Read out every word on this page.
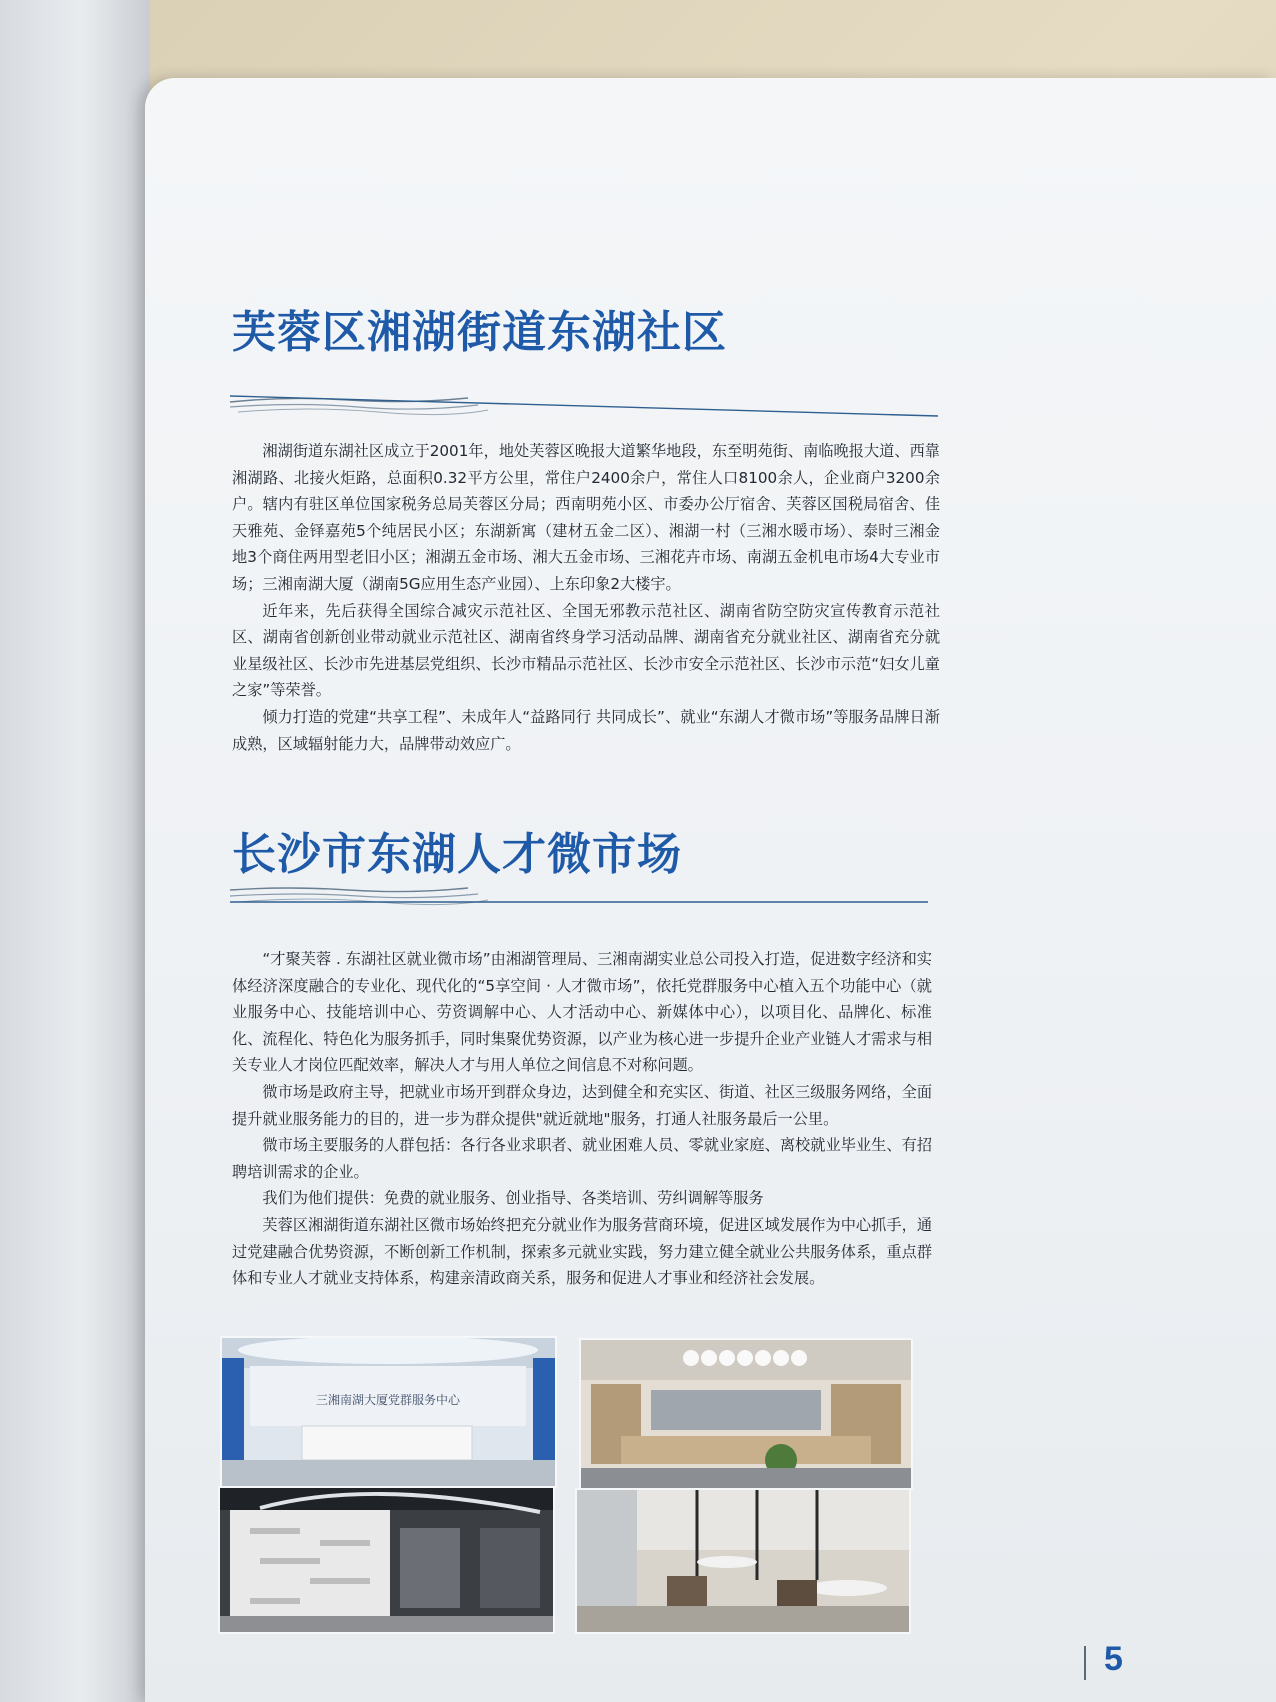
芙蓉区湘湖街道东湖社区

湘湖街道东湖社区成立于2001年，地处芙蓉区晚报大道繁华地段，东至明苑街、南临晚报大道、西靠湘湖路、北接火炬路，总面积0.32平方公里，常住户2400余户，常住人口8100余人，企业商户3200余户。辖内有驻区单位国家税务总局芙蓉区分局；西南明苑小区、市委办公厅宿舍、芙蓉区国税局宿舍、佳天雅苑、金铎嘉苑5个纯居民小区；东湖新寓（建材五金二区）、湘湖一村（三湘水暖市场）、泰时三湘金地3个商住两用型老旧小区；湘湖五金市场、湘大五金市场、三湘花卉市场、南湖五金机电市场4大专业市场；三湘南湖大厦（湖南5G应用生态产业园）、上东印象2大楼宇。

近年来，先后获得全国综合减灾示范社区、全国无邪教示范社区、湖南省防空防灾宣传教育示范社区、湖南省创新创业带动就业示范社区、湖南省终身学习活动品牌、湖南省充分就业社区、湖南省充分就业星级社区、长沙市先进基层党组织、长沙市精品示范社区、长沙市安全示范社区、长沙市示范“妇女儿童之家”等荣誉。

倾力打造的党建“共享工程”、未成年人“益路同行 共同成长”、就业“东湖人才微市场”等服务品牌日渐成熟，区域辐射能力大，品牌带动效应广。

长沙市东湖人才微市场

“才聚芙蓉 . 东湖社区就业微市场”由湘湖管理局、三湘南湖实业总公司投入打造，促进数字经济和实体经济深度融合的专业化、现代化的“5享空间 · 人才微市场”，依托党群服务中心植入五个功能中心（就业服务中心、技能培训中心、劳资调解中心、人才活动中心、新媒体中心），以项目化、品牌化、标准化、流程化、特色化为服务抓手，同时集聚优势资源，以产业为核心进一步提升企业产业链人才需求与相关专业人才岗位匹配效率，解决人才与用人单位之间信息不对称问题。

微市场是政府主导，把就业市场开到群众身边，达到健全和充实区、街道、社区三级服务网络，全面提升就业服务能力的目的，进一步为群众提供"就近就地"服务，打通人社服务最后一公里。

微市场主要服务的人群包括：各行各业求职者、就业困难人员、零就业家庭、离校就业毕业生、有招聘培训需求的企业。

我们为他们提供：免费的就业服务、创业指导、各类培训、劳纠调解等服务

芙蓉区湘湖街道东湖社区微市场始终把充分就业作为服务营商环境，促进区域发展作为中心抓手，通过党建融合优势资源，不断创新工作机制，探索多元就业实践，努力建立健全就业公共服务体系，重点群体和专业人才就业支持体系，构建亲清政商关系，服务和促进人才事业和经济社会发展。

三湘南湖大厦党群服务中心
5
